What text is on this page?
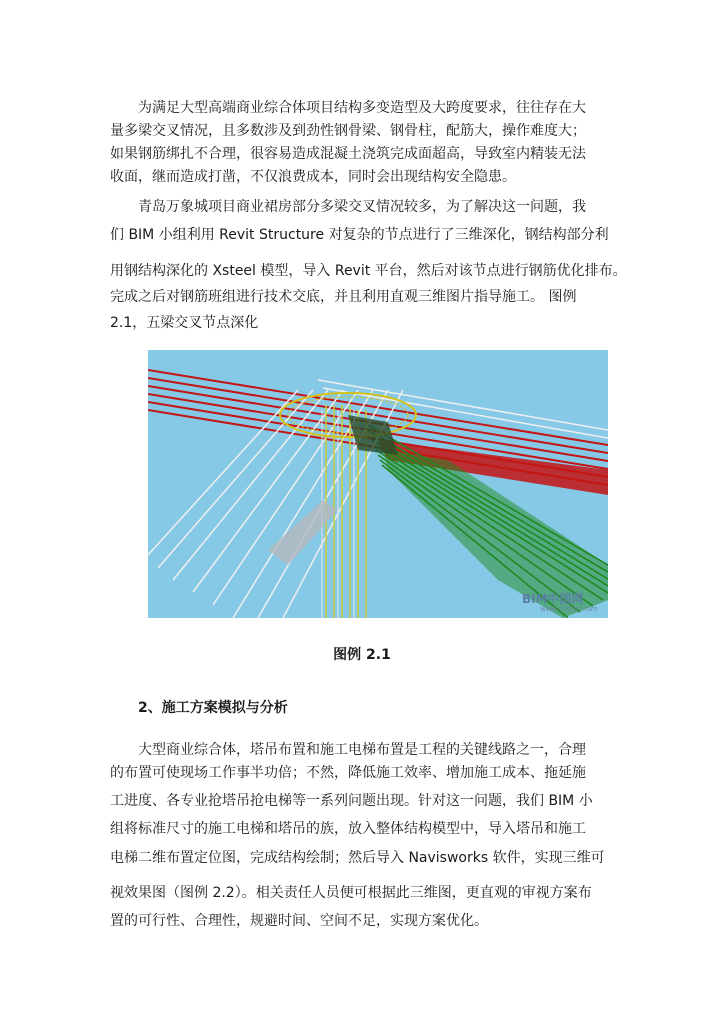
为满足大型高端商业综合体项目结构多变造型及大跨度要求，往往存在大
量多梁交叉情况，且多数涉及到劲性钢骨梁、钢骨柱，配筋大，操作难度大；
如果钢筋绑扎不合理，很容易造成混凝土浇筑完成面超高，导致室内精装无法
收面，继而造成打凿，不仅浪费成本，同时会出现结构安全隐患。
青岛万象城项目商业裙房部分多梁交叉情况较多，为了解决这一问题，我
们 BIM 小组利用 Revit Structure 对复杂的节点进行了三维深化，钢结构部分利
用钢结构深化的 Xsteel 模型，导入 Revit 平台，然后对该节点进行钢筋优化排布。
完成之后对钢筋班组进行技术交底，并且利用直观三维图片指导施工。 图例
2.1，五梁交叉节点深化
BIM中国网
www.cnbim.com
图例 2.1
2、施工方案模拟与分析
大型商业综合体，塔吊布置和施工电梯布置是工程的关键线路之一，合理
的布置可使现场工作事半功倍；不然，降低施工效率、增加施工成本、拖延施
工进度、各专业抢塔吊抢电梯等一系列问题出现。针对这一问题，我们 BIM 小
组将标准尺寸的施工电梯和塔吊的族，放入整体结构模型中，导入塔吊和施工
电梯二维布置定位图，完成结构绘制；然后导入 Navisworks 软件，实现三维可
视效果图（图例 2.2）。相关责任人员便可根据此三维图，更直观的审视方案布
置的可行性、合理性，规避时间、空间不足，实现方案优化。
